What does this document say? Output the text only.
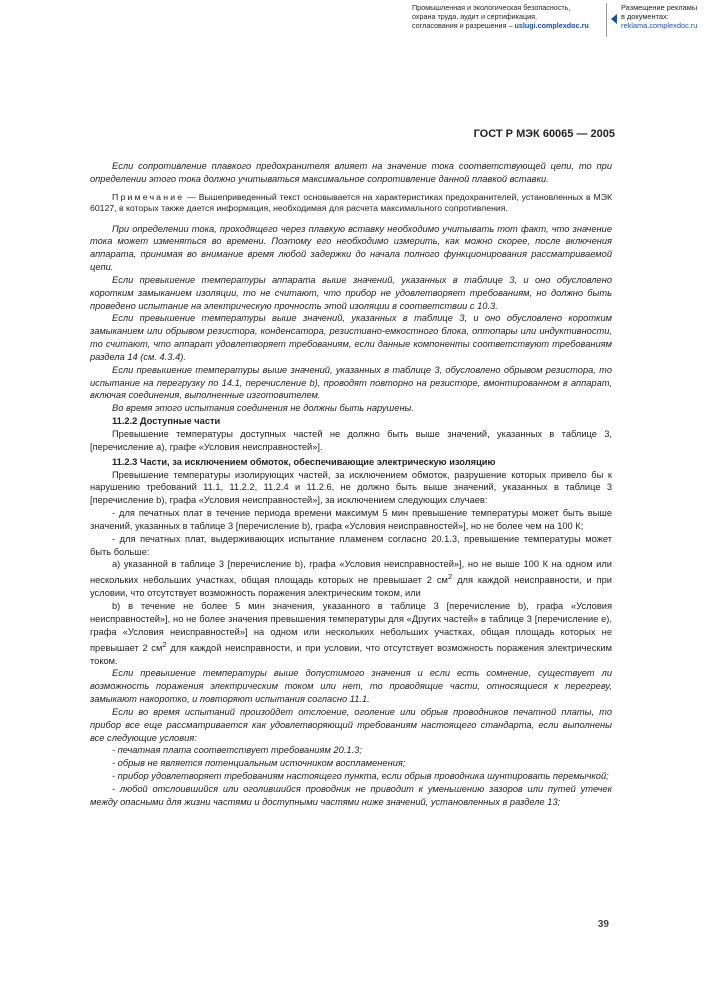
Промышленная и экологическая безопасность,
охрана труда, аудит и сертификация,
согласования и разрешения – uslugi.complexdoc.ru
Размещение рекламы
в документах:
reklama.complexdoc.ru
ГОСТ Р МЭК 60065 — 2005

Если сопротивление плавкого предохранителя влияет на значение тока соответствующей цепи, то при определении этого тока должно учитываться максимальное сопротивление данной плавкой вставки.

Примечание — Вышеприведенный текст основывается на характеристиках предохранителей, установленных в МЭК 60127, в которых также дается информация, необходимая для расчета максимального сопротивления.

При определении тока, проходящего через плавкую вставку необходимо учитывать тот факт, что значение тока может изменяться во времени. Поэтому его необходимо измерить, как можно скорее, после включения аппарата, принимая во внимание время любой задержки до начала полного функционирования рассматриваемой цепи.

Если превышение температуры аппарата выше значений, указанных в таблице 3, и оно обусловлено коротким замыканием изоляции, то не считают, что прибор не удовлетворяет требованиям, но должно быть проведено испытание на электрическую прочность этой изоляции в соответствии с 10.3.

Если превышение температуры выше значений, указанных в таблице 3, и оно обусловлено коротким замыканием или обрывом резистора, конденсатора, резистивно-емкостного блока, оптопары или индуктивности, то считают, что аппарат удовлетворяет требованиям, если данные компоненты соответствуют требованиям раздела 14 (см. 4.3.4).

Если превышение температуры выше значений, указанных в таблице 3, обусловлено обрывом резистора, то испытание на перегрузку по 14.1, перечисление b), проводят повторно на резисторе, вмонтированном в аппарат, включая соединения, выполненные изготовителем.

Во время этого испытания соединения не должны быть нарушены.

11.2.2 Доступные части

Превышение температуры доступных частей не должно быть выше значений, указанных в таблице 3, [перечисление а), графе «Условия неисправностей»].

11.2.3 Части, за исключением обмоток, обеспечивающие электрическую изоляцию

Превышение температуры изолирующих частей, за исключением обмоток, разрушение которых привело бы к нарушению требований 11.1, 11.2.2, 11.2.4 и 11.2.6, не должно быть выше значений, указанных в таблице 3 [перечисление b), графа «Условия неисправностей»], за исключением следующих случаев:

- для печатных плат в течение периода времени максимум 5 мин превышение температуры может быть выше значений, указанных в таблице 3 [перечисление b), графа «Условия неисправностей»], но не более чем на 100 К;

- для печатных плат, выдерживающих испытание пламенем согласно 20.1.3, превышение температуры может быть больше:

а) указанной в таблице 3 [перечисление b), графа «Условия неисправностей»], но не выше 100 К на одном или нескольких небольших участках, общая площадь которых не превышает 2 $см^2$ для каждой неисправности, и при условии, что отсутствует возможность поражения электрическим током, или

b) в течение не более 5 мин значения, указанного в таблице 3 [перечисление b), графа «Условия неисправностей»], но не более значения превышения температуры для «Других частей» в таблице 3 [перечисление е), графа «Условия неисправностей»] на одном или нескольких небольших участках, общая площадь которых не превышает 2 $см^2$ для каждой неисправности, и при условии, что отсутствует возможность поражения электрическим током.

Если превышение температуры выше допустимого значения и если есть сомнение, существует ли возможность поражения электрическим током или нет, то проводящие части, относящиеся к перегреву, замыкают накоротко, и повторяют испытания согласно 11.1.

Если во время испытаний произойдет отслоение, оголение или обрыв проводников печатной платы, то прибор все еще рассматривается как удовлетворяющий требованиям настоящего стандарта, если выполнены все следующие условия:

- печатная плата соответствует требованиям 20.1.3;

- обрыв не является потенциальным источником воспламенения;

- прибор удовлетворяет требованиям настоящего пункта, если обрыв проводника шунтировать перемычкой;

- любой отслоившийся или оголившийся проводник не приводит к уменьшению зазоров или путей утечек между опасными для жизни частями и доступными частями ниже значений, установленных в разделе 13;

39
